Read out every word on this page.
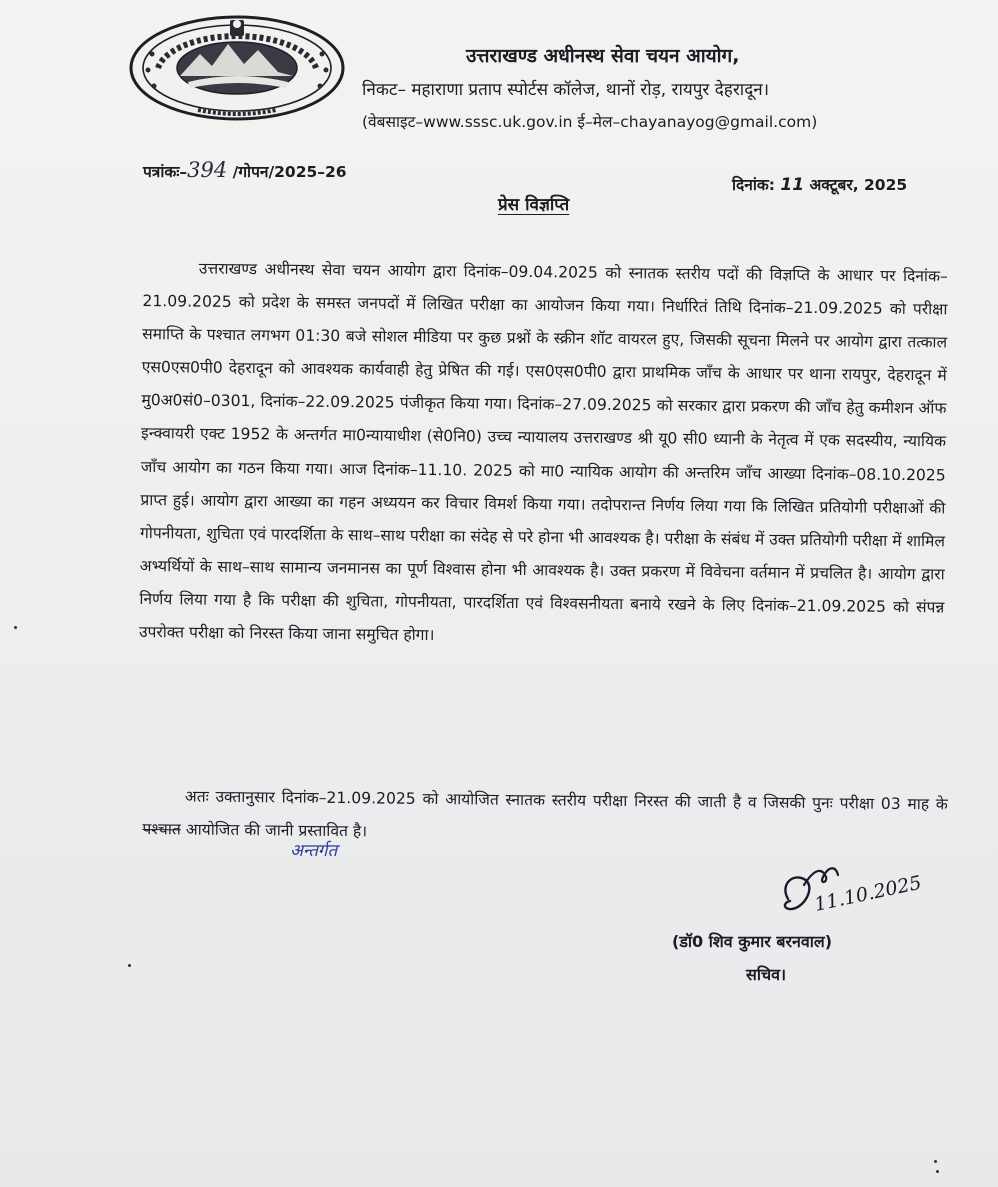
उत्तराखण्ड अधीनस्थ सेवा चयन आयोग,
निकट– महाराणा प्रताप स्पोर्टस कॉलेज, थानों रोड़, रायपुर देहरादून।
(वेबसाइट–www.sssc.uk.gov.in ई–मेल–chayanayog@gmail.com)
पत्रांकः–394 /गोपन/2025–26
दिनांक: 11 अक्टूबर, 2025
प्रेस विज्ञप्ति
उत्तराखण्ड अधीनस्थ सेवा चयन आयोग द्वारा दिनांक–09.04.2025 को स्नातक स्तरीय पदों की विज्ञप्ति के आधार पर दिनांक–21.09.2025 को प्रदेश के समस्त जनपदों में लिखित परीक्षा का आयोजन किया गया। निर्धारितं तिथि दिनांक–21.09.2025 को परीक्षा समाप्ति के पश्चात लगभग 01:30 बजे सोशल मीडिया पर कुछ प्रश्नों के स्क्रीन शॉट वायरल हुए, जिसकी सूचना मिलने पर आयोग द्वारा तत्काल एस0एस0पी0 देहरादून को आवश्यक कार्यवाही हेतु प्रेषित की गई। एस0एस0पी0 द्वारा प्राथमिक जाँच के आधार पर थाना रायपुर, देहरादून में मु0अ0सं0–0301, दिनांक–22.09.2025 पंजीकृत किया गया। दिनांक–27.09.2025 को सरकार द्वारा प्रकरण की जाँच हेतु कमीशन ऑफ इन्क्वायरी एक्ट 1952 के अन्तर्गत मा0न्यायाधीश (से0नि0) उच्च न्यायालय उत्तराखण्ड श्री यू0 सी0 ध्यानी के नेतृत्व में एक सदस्यीय, न्यायिक जाँच आयोग का गठन किया गया। आज दिनांक–11.10. 2025 को मा0 न्यायिक आयोग की अन्तरिम जाँच आख्या दिनांक–08.10.2025 प्राप्त हुई। आयोग द्वारा आख्या का गहन अध्ययन कर विचार विमर्श किया गया। तदोपरान्त निर्णय लिया गया कि लिखित प्रतियोगी परीक्षाओं की गोपनीयता, शुचिता एवं पारदर्शिता के साथ–साथ परीक्षा का संदेह से परे होना भी आवश्यक है। परीक्षा के संबंध में उक्त प्रतियोगी परीक्षा में शामिल अभ्यर्थियों के साथ–साथ सामान्य जनमानस का पूर्ण विश्वास होना भी आवश्यक है। उक्त प्रकरण में विवेचना वर्तमान में प्रचलित है। आयोग द्वारा निर्णय लिया गया है कि परीक्षा की शुचिता, गोपनीयता, पारदर्शिता एवं विश्वसनीयता बनाये रखने के लिए दिनांक–21.09.2025 को संपन्न उपरोक्त परीक्षा को निरस्त किया जाना समुचित होगा।
अतः उक्तानुसार दिनांक–21.09.2025 को आयोजित स्नातक स्तरीय परीक्षा निरस्त की जाती है व जिसकी पुनः परीक्षा 03 माह के पश्चात आयोजित की जानी प्रस्तावित है।
अन्तर्गत
11.10.2025
(डॉ0 शिव कुमार बरनवाल)
सचिव।
